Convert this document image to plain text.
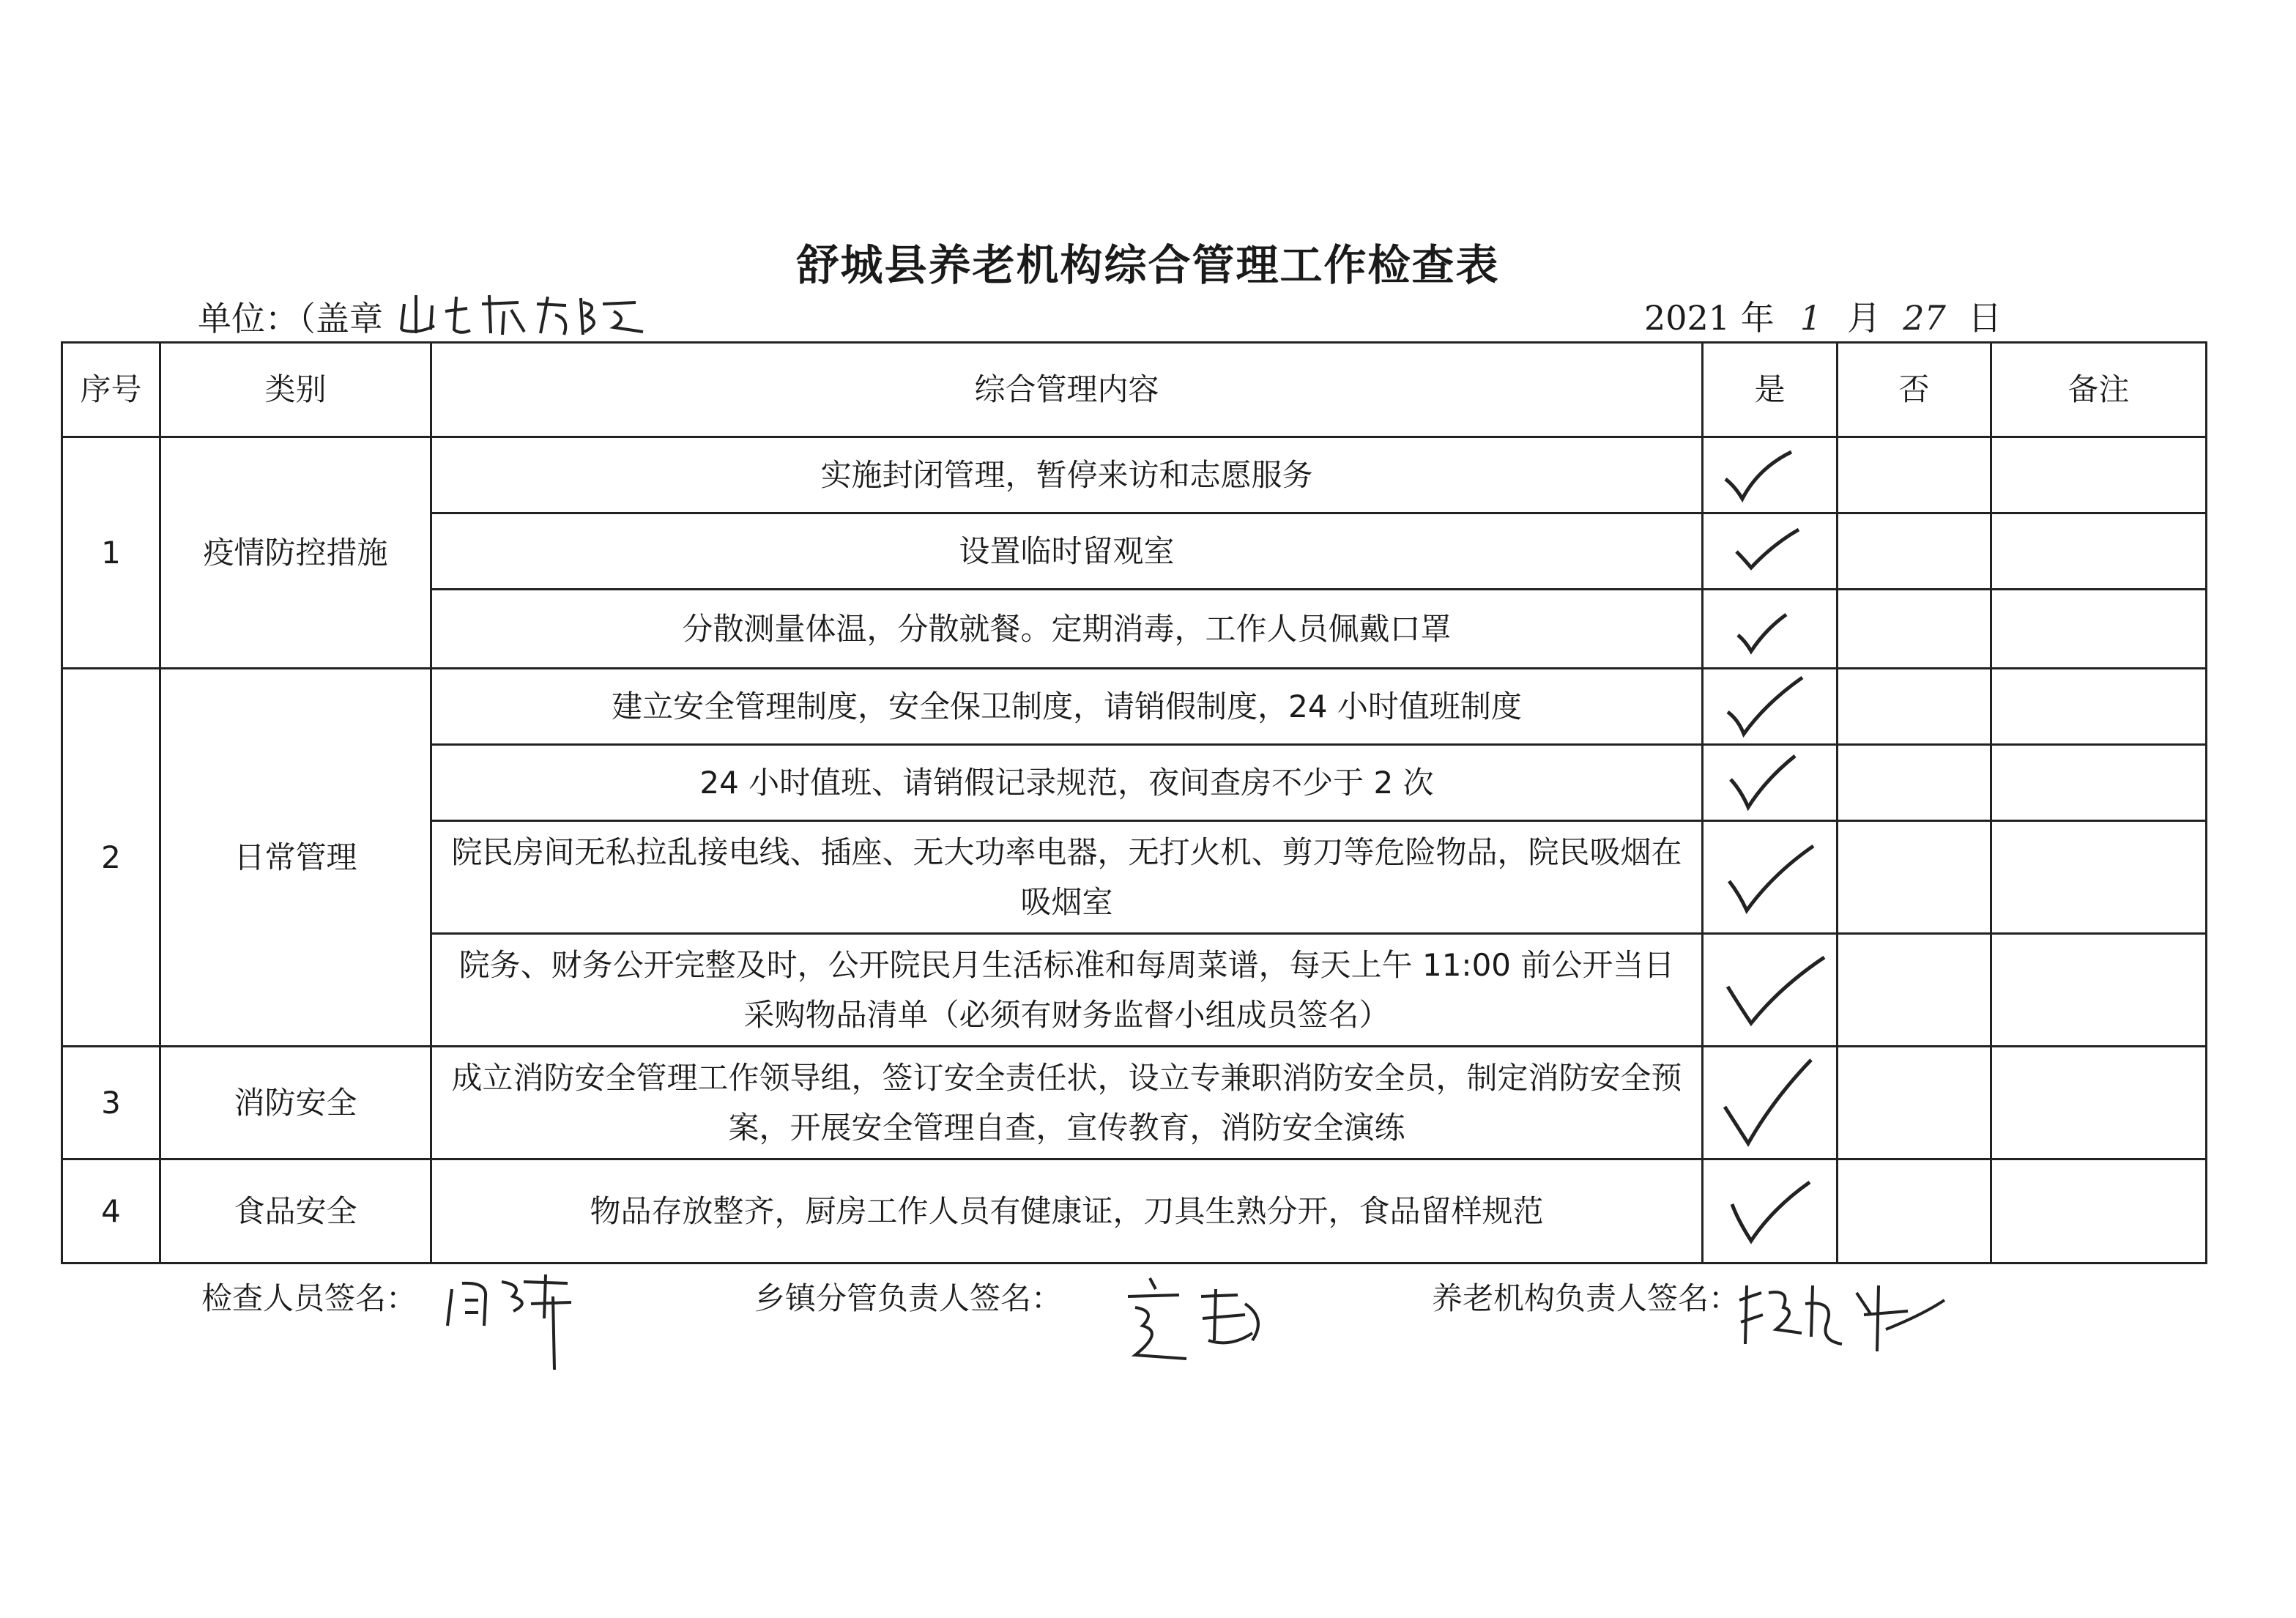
舒城县养老机构综合管理工作检查表
单位：（盖章	2021 年 1 月 27 日
序号	类别	综合管理内容	是	否	备注
1	疫情防控措施	实施封闭管理，暂停来访和志愿服务	

		设置临时留观室	

		分散测量体温，分散就餐。定期消毒，工作人员佩戴口罩	

2	日常管理	建立安全管理制度，安全保卫制度，请销假制度，24 小时值班制度	

		24 小时值班、请销假记录规范，夜间查房不少于 2 次	

		院民房间无私拉乱接电线、插座、无大功率电器，无打火机、剪刀等危险物品，院民吸烟在吸烟室	

		院务、财务公开完整及时，公开院民月生活标准和每周菜谱，每天上午 11:00 前公开当日采购物品清单（必须有财务监督小组成员签名）	

3	消防安全	成立消防安全管理工作领导组，签订安全责任状，设立专兼职消防安全员，制定消防安全预案，开展安全管理自查，宣传教育，消防安全演练	

4	食品安全	物品存放整齐，厨房工作人员有健康证，刀具生熟分开，食品留样规范	

检查人员签名：	乡镇分管负责人签名：	养老机构负责人签名：
